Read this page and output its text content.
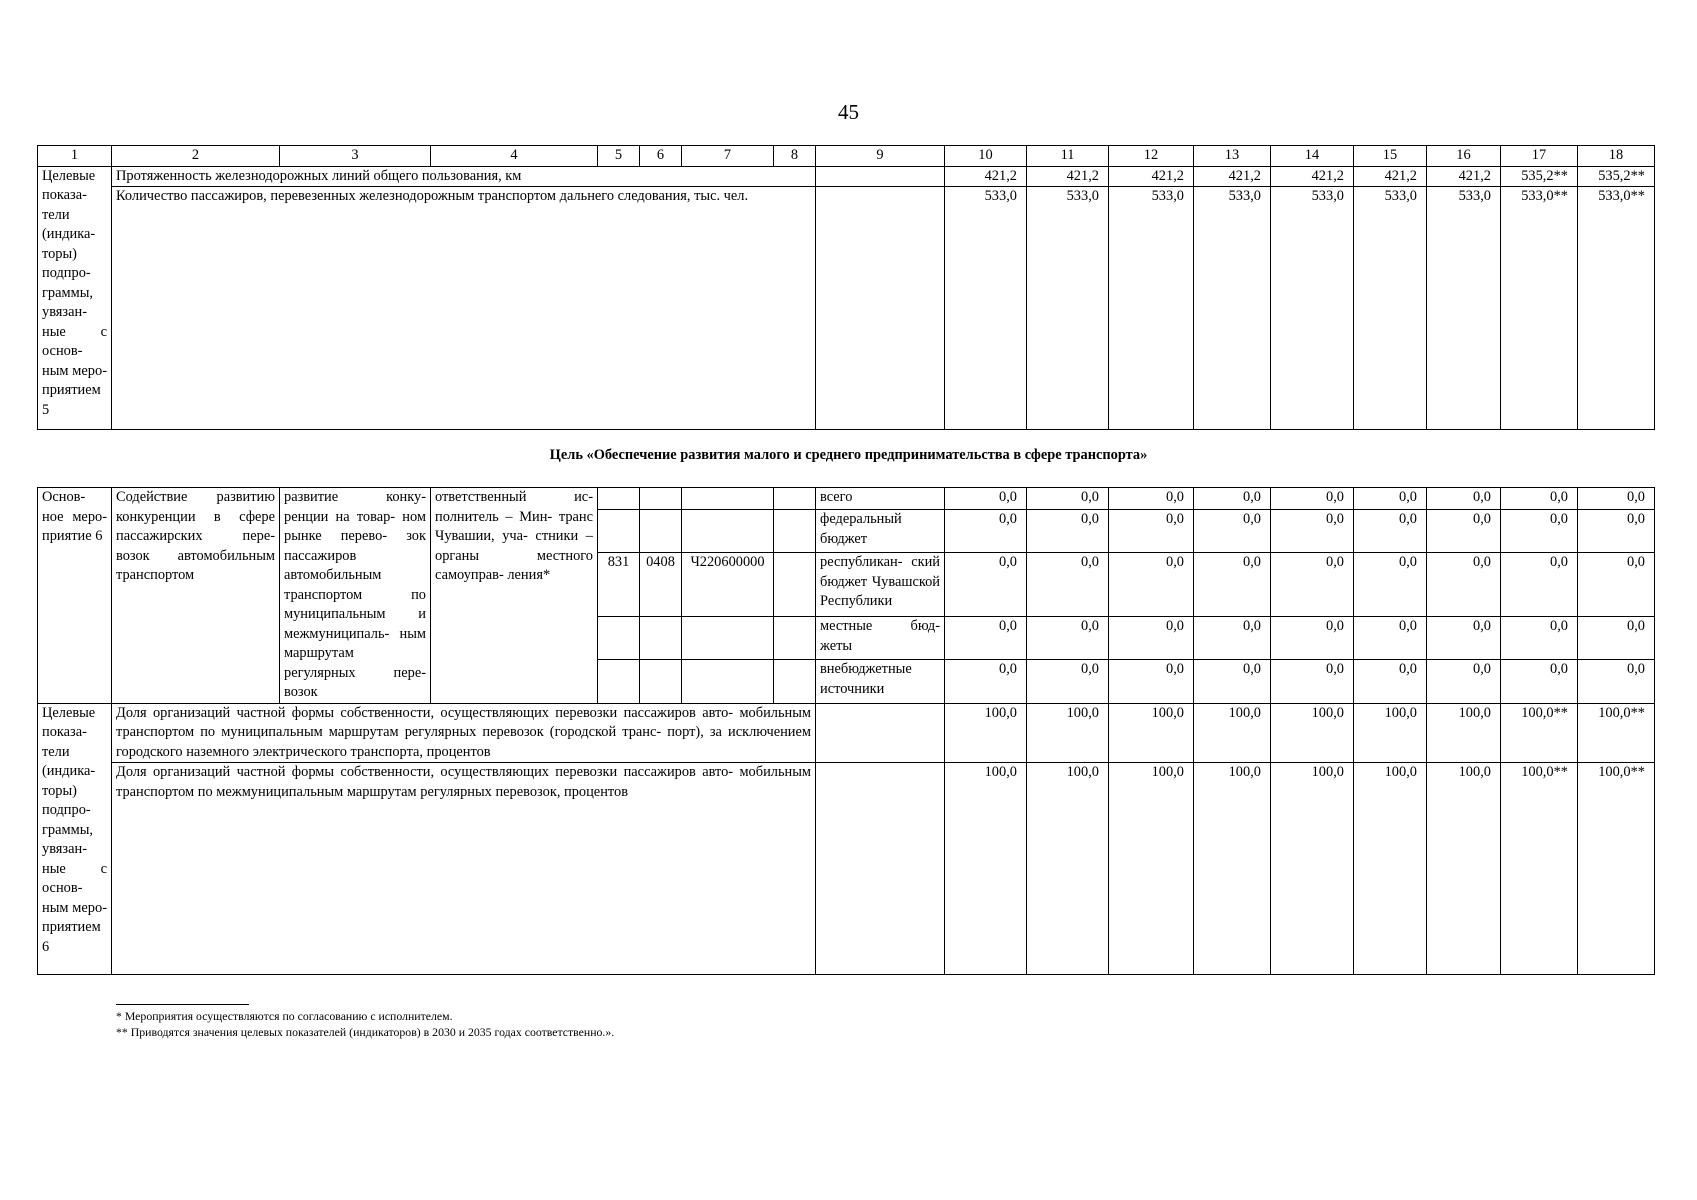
45
1	2	3	4	5	6	7	8	9	10	11	12	13	14	15	16	17	18
Целевые показа- тели (индика- торы) подпро- граммы, увязан- ные с основ- ным меро- приятием 5	Протяженность железнодорожных линий общего пользования, км								421,2	421,2	421,2	421,2	421,2	421,2	421,2	535,2**	535,2**
	Количество пассажиров, перевезенных железнодорожным транспортом дальнего следования, тыс. чел.								533,0	533,0	533,0	533,0	533,0	533,0	533,0	533,0**	533,0**
Цель «Обеспечение развития малого и среднего предпринимательства в сфере транспорта»
Основ- ное меро- приятие 6	Содействие развитию конкуренции в сфере пассажирских пере- возок автомобильным транспортом	развитие конку- ренции на товар- ном рынке перево- зок пассажиров автомобильным транспортом по муниципальным и межмуниципаль- ным маршрутам регулярных пере- возок	ответственный ис- полнитель – Мин- транс Чувашии, уча- стники – органы местного самоуправ- ления*					всего	0,0	0,0	0,0	0,0	0,0	0,0	0,0	0,0	0,0
								федеральный бюджет	0,0	0,0	0,0	0,0	0,0	0,0	0,0	0,0	0,0
				831	0408	Ч220600000		республикан- ский бюджет Чувашской Республики	0,0	0,0	0,0	0,0	0,0	0,0	0,0	0,0	0,0
								местные бюд- жеты	0,0	0,0	0,0	0,0	0,0	0,0	0,0	0,0	0,0
								внебюджетные источники	0,0	0,0	0,0	0,0	0,0	0,0	0,0	0,0	0,0
Целевые показа- тели (индика- торы) подпро- граммы, увязан- ные с основ- ным меро- приятием 6	Доля организаций частной формы собственности, осуществляющих перевозки пассажиров авто- мобильным транспортом по муниципальным маршрутам регулярных перевозок (городской транс- порт), за исключением городского наземного электрического транспорта, процентов								100,0	100,0	100,0	100,0	100,0	100,0	100,0	100,0**	100,0**
	Доля организаций частной формы собственности, осуществляющих перевозки пассажиров авто- мобильным транспортом по межмуниципальным маршрутам регулярных перевозок, процентов								100,0	100,0	100,0	100,0	100,0	100,0	100,0	100,0**	100,0**
* Мероприятия осуществляются по согласованию с исполнителем.
** Приводятся значения целевых показателей (индикаторов) в 2030 и 2035 годах соответственно.».
